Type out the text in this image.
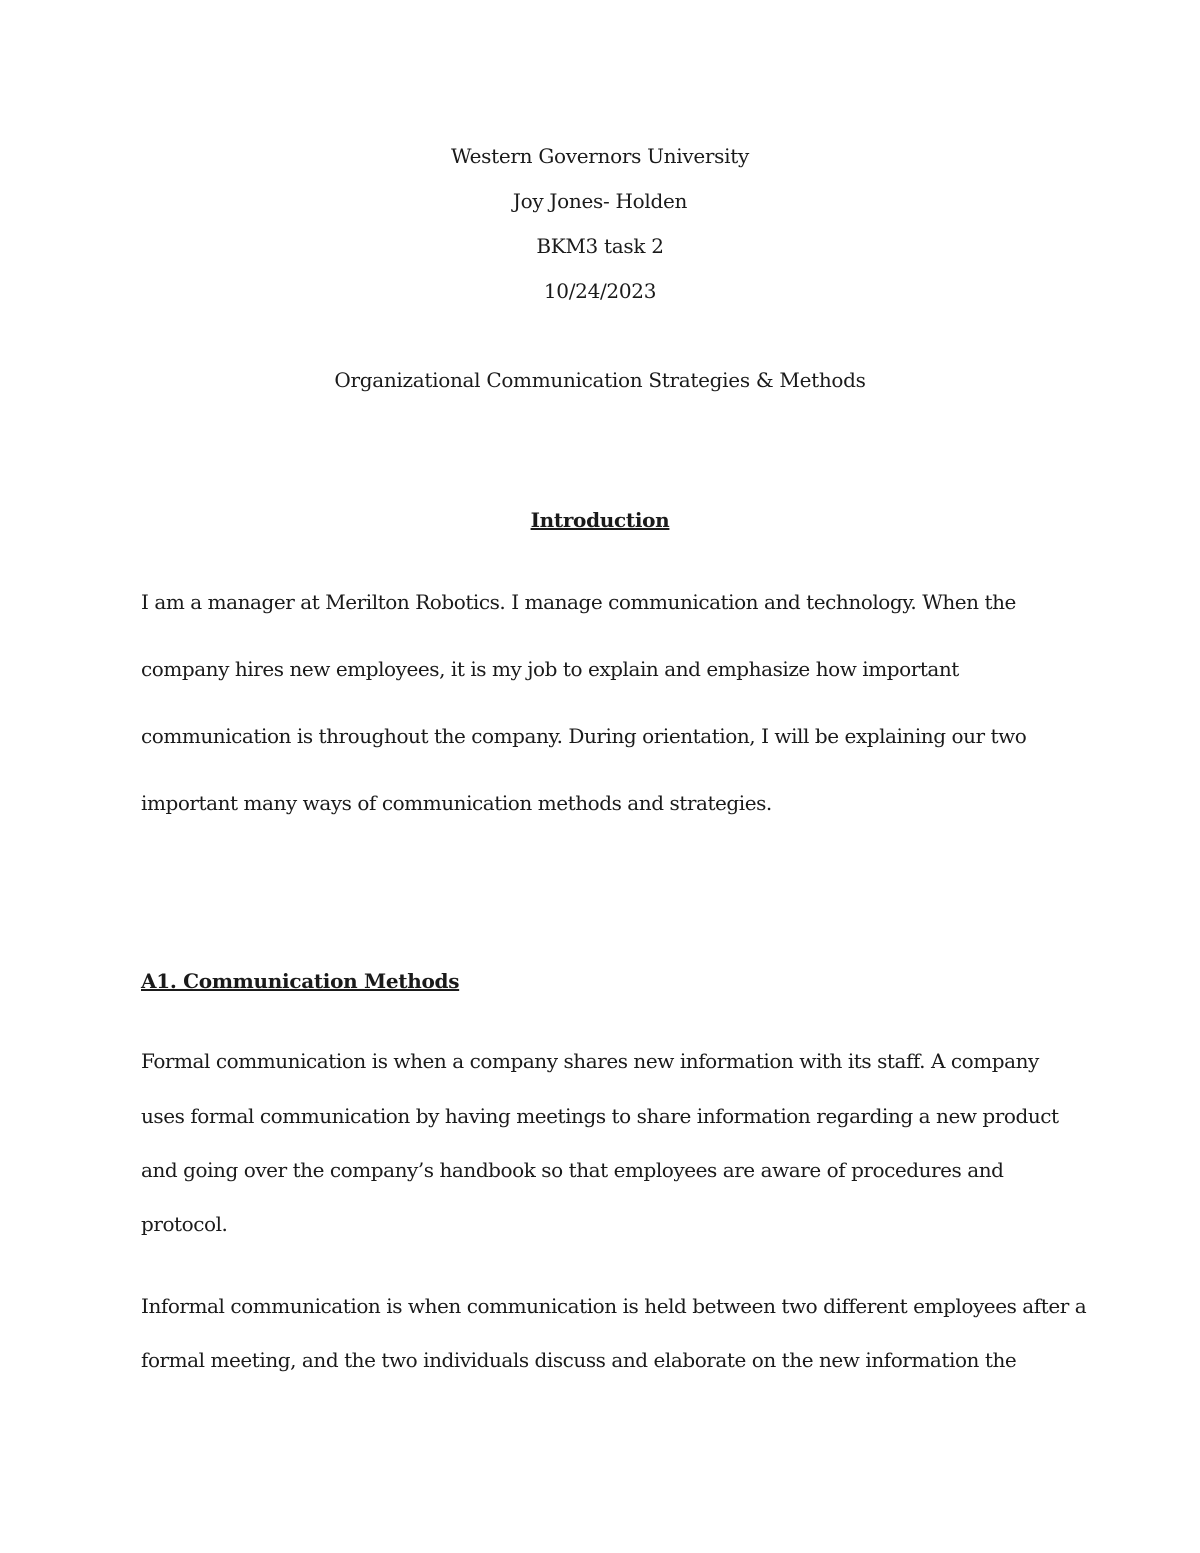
Western Governors University
Joy Jones- Holden
BKM3 task 2
10/24/2023
Organizational Communication Strategies & Methods
Introduction
I am a manager at Merilton Robotics. I manage communication and technology. When the
company hires new employees, it is my job to explain and emphasize how important
communication is throughout the company. During orientation, I will be explaining our two
important many ways of communication methods and strategies.
A1. Communication Methods
Formal communication is when a company shares new information with its staff. A company
uses formal communication by having meetings to share information regarding a new product
and going over the company’s handbook so that employees are aware of procedures and
protocol.
Informal communication is when communication is held between two different employees after a
formal meeting, and the two individuals discuss and elaborate on the new information the
